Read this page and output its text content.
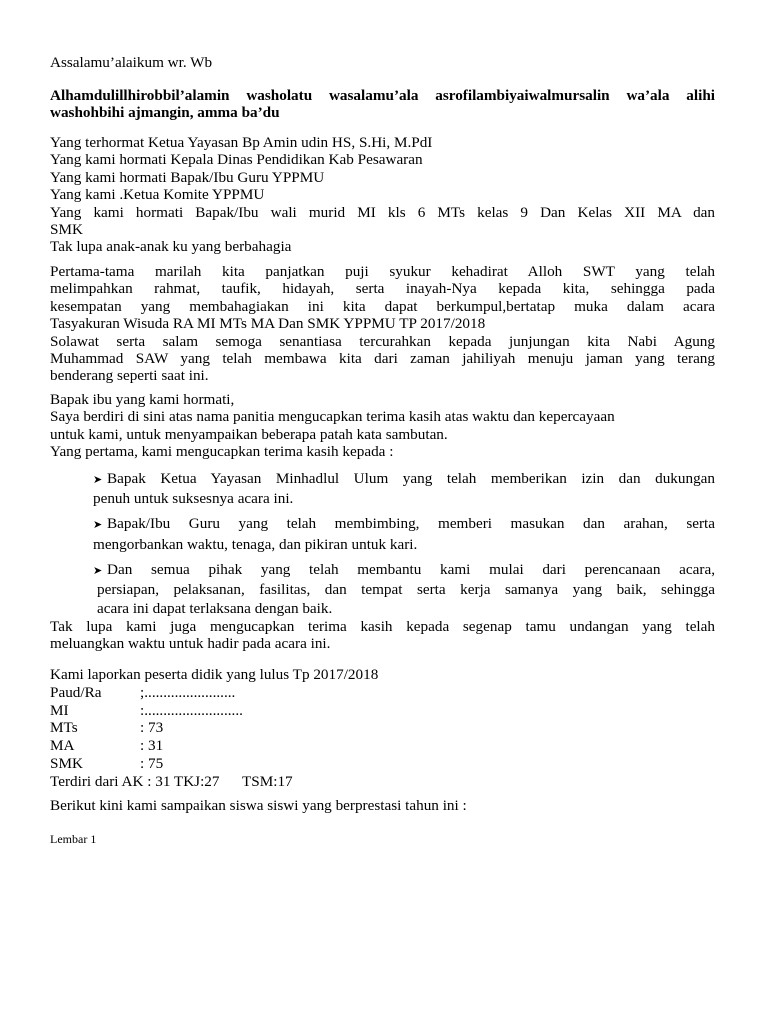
Assalamu’alaikum wr. Wb
Alhamdulillhirobbil’alamin washolatu wasalamu’ala asrofilambiyaiwalmursalin wa’ala alihi
washohbihi ajmangin, amma ba’du
Yang terhormat Ketua Yayasan Bp Amin udin HS, S.Hi, M.PdI
Yang kami hormati Kepala Dinas Pendidikan Kab Pesawaran
Yang kami hormati Bapak/Ibu Guru YPPMU
Yang kami .Ketua Komite YPPMU
Yang kami hormati Bapak/Ibu wali murid MI kls 6 MTs kelas 9 Dan Kelas XII MA dan
SMK
Tak lupa anak-anak ku yang berbahagia
Pertama-tama marilah kita panjatkan puji syukur kehadirat Alloh SWT yang telah
melimpahkan rahmat, taufik, hidayah, serta inayah-Nya kepada kita, sehingga pada
kesempatan yang membahagiakan ini kita dapat berkumpul,bertatap muka dalam acara
Tasyakuran Wisuda RA MI MTs MA Dan SMK YPPMU TP 2017/2018
Solawat serta salam semoga senantiasa tercurahkan kepada junjungan kita Nabi Agung
Muhammad SAW yang telah membawa kita dari zaman jahiliyah menuju jaman yang terang
benderang seperti saat ini.
Bapak ibu yang kami hormati,
Saya berdiri di sini atas nama panitia mengucapkan terima kasih atas waktu dan kepercayaan
untuk kami, untuk menyampaikan beberapa patah kata sambutan.
Yang pertama, kami mengucapkan terima kasih kepada :
➤ Bapak Ketua Yayasan Minhadlul Ulum yang telah memberikan izin dan dukungan
penuh untuk suksesnya acara ini.
➤ Bapak/Ibu Guru yang telah membimbing, memberi masukan dan arahan, serta
mengorbankan waktu, tenaga, dan pikiran untuk kari.
➤ Dan semua pihak yang telah membantu kami mulai dari perencanaan acara,
persiapan, pelaksanan, fasilitas, dan tempat serta kerja samanya yang baik, sehingga
acara ini dapat terlaksana dengan baik.
Tak lupa kami juga mengucapkan terima kasih kepada segenap tamu undangan yang telah
meluangkan waktu untuk hadir pada acara ini.
Kami laporkan peserta didik yang lulus Tp 2017/2018
Paud/Ra	;........................
MI	:..........................
MTs	: 73
MA	: 31
SMK	: 75
Terdiri dari AK : 31 TKJ:27      TSM:17
Berikut kini kami sampaikan siswa siswi yang berprestasi tahun ini :
Lembar 1
